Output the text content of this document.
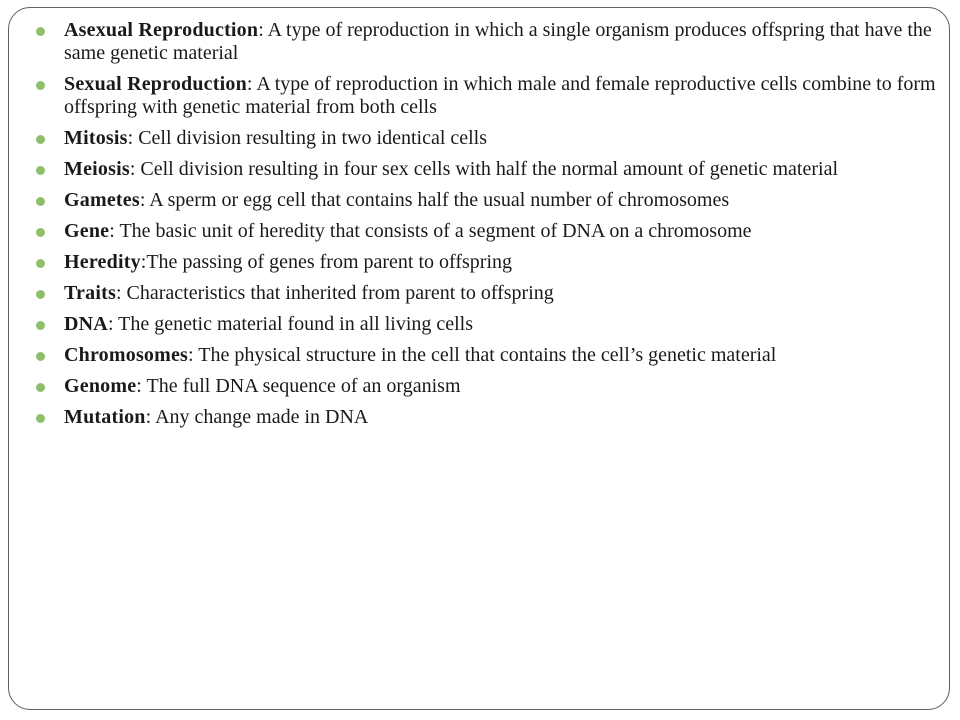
Asexual Reproduction: A type of reproduction in which a single organism produces offspring that have the same genetic material
Sexual Reproduction: A type of reproduction in which male and female reproductive cells combine to form offspring with genetic material from both cells
Mitosis: Cell division resulting in two identical cells
Meiosis: Cell division resulting in four sex cells with half the normal amount of genetic material
Gametes: A sperm or egg cell that contains half the usual number of chromosomes
Gene: The basic unit of heredity that consists of a segment of DNA on a chromosome
Heredity:The passing of genes from parent to offspring
Traits: Characteristics that inherited from parent to offspring
DNA: The genetic material found in all living cells
Chromosomes: The physical structure in the cell that contains the cell’s genetic material
Genome: The full DNA sequence of an organism
Mutation: Any change made in DNA
